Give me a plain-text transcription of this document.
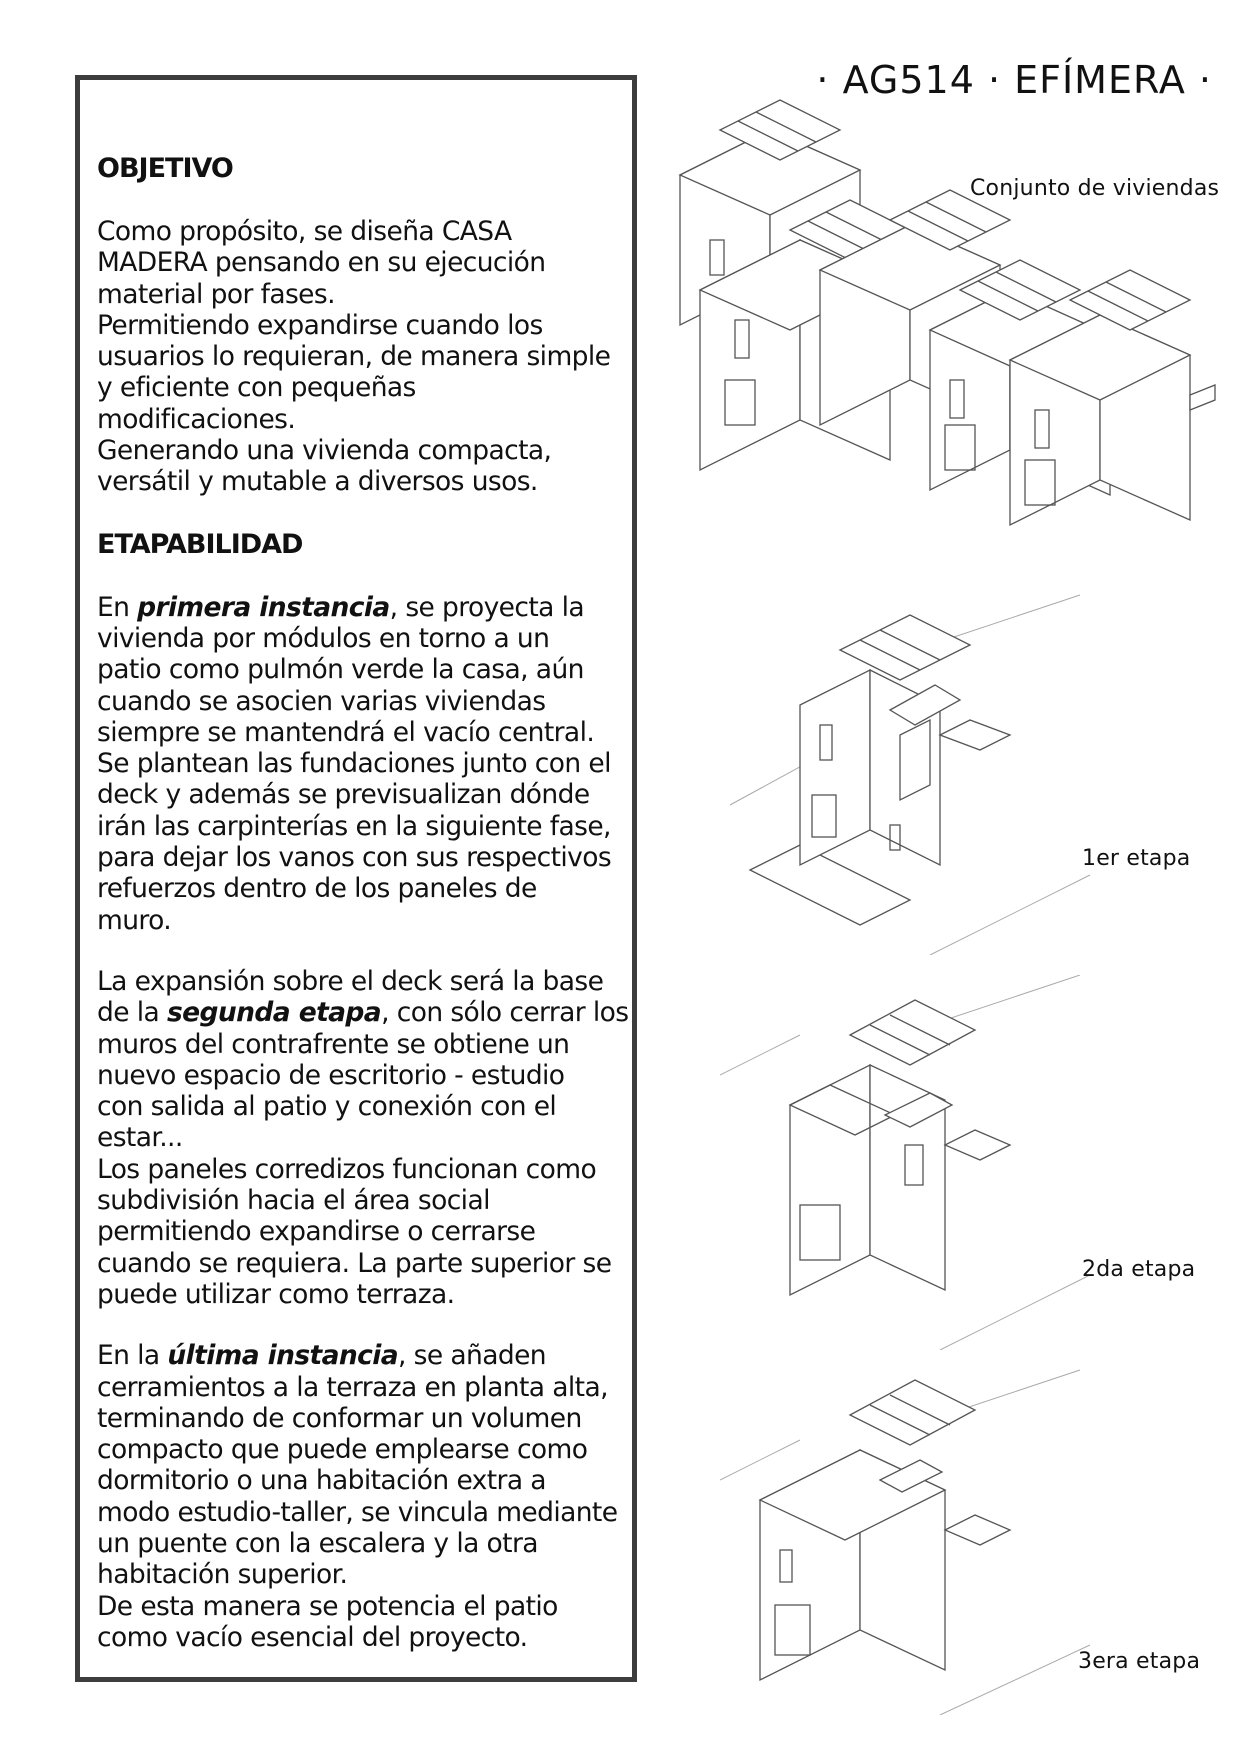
· AG514 · EFÍMERA ·
OBJETIVO

Como propósito, se diseña CASA
MADERA pensando en su ejecución
material por fases.
Permitiendo expandirse cuando los
usuarios lo requieran, de manera simple
y eficiente con pequeñas
modificaciones.
Generando una vivienda compacta,
versátil y mutable a diversos usos.

ETAPABILIDAD

En primera instancia, se proyecta la
vivienda por módulos en torno a un
patio como pulmón verde la casa, aún
cuando se asocien varias viviendas
siempre se mantendrá el vacío central.
Se plantean las fundaciones junto con el
deck y además se previsualizan dónde
irán las carpinterías en la siguiente fase,
para dejar los vanos con sus respectivos
refuerzos dentro de los paneles de
muro.

La expansión sobre el deck será la base
de la segunda etapa, con sólo cerrar los
muros del contrafrente se obtiene un
nuevo espacio de escritorio - estudio
con salida al patio y conexión con el
estar...
Los paneles corredizos funcionan como
subdivisión hacia el área social
permitiendo expandirse o cerrarse
cuando se requiera. La parte superior se
puede utilizar como terraza.

En la última instancia, se añaden
cerramientos a la terraza en planta alta,
terminando de conformar un volumen
compacto que puede emplearse como
dormitorio o una habitación extra a
modo estudio-taller, se vincula mediante
un puente con la escalera y la otra
habitación superior.
De esta manera se potencia el patio
como vacío esencial del proyecto.

Conjunto de viviendas
1er etapa
2da etapa
3era etapa
